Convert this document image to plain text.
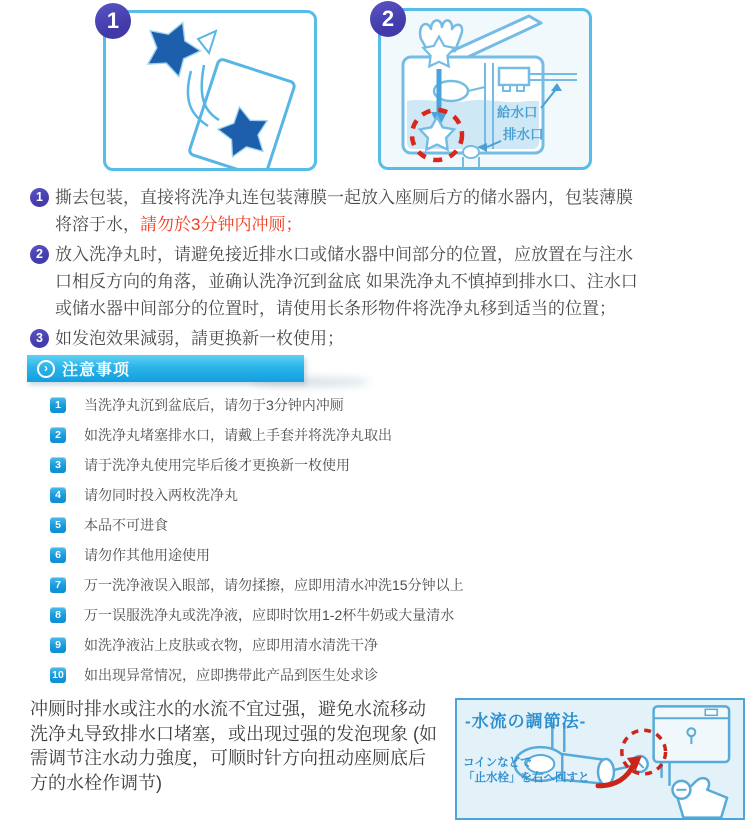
1	2
給水口
排水口
1 撕去包装，直接将洗净丸连包装薄膜一起放入座厕后方的储水器内，包装薄膜
将溶于水，請勿於3分钟内冲厕；
2 放入洗净丸时，请避免接近排水口或储水器中间部分的位置，应放置在与注水
口相反方向的角落，並确认洗净沉到盆底 如果洗净丸不慎掉到排水口、注水口
或储水器中间部分的位置时，请使用长条形物件将洗净丸移到适当的位置；
3 如发泡效果減弱，請更换新一枚使用；
› 注意事项
1	当洗净丸沉到盆底后，请勿于3分钟内冲厕
2	如洗净丸堵塞排水口，请戴上手套并将洗净丸取出
3	请于洗净丸使用完毕后後才更换新一枚使用
4	请勿同时投入两枚洗净丸
5	本品不可进食
6	请勿作其他用途使用
7	万一洗净液误入眼部，请勿揉擦，应即用清水冲洗15分钟以上
8	万一误服洗净丸或洗净液，应即时饮用1-2杯牛奶或大量清水
9	如洗净液沾上皮肤或衣物，应即用清水清洗干净
10 如出现异常情况，应即携带此产品到医生处求诊
冲厕时排水或注水的水流不宜过强，避免水流移动
洗净丸导致排水口堵塞，或出现过强的发泡现象 (如
需调节注水动力強度，可顺时针方向扭动座厕底后
方的水栓作调节)
-水流の調節法-
コインなどで
「止水栓」を右へ回すと
